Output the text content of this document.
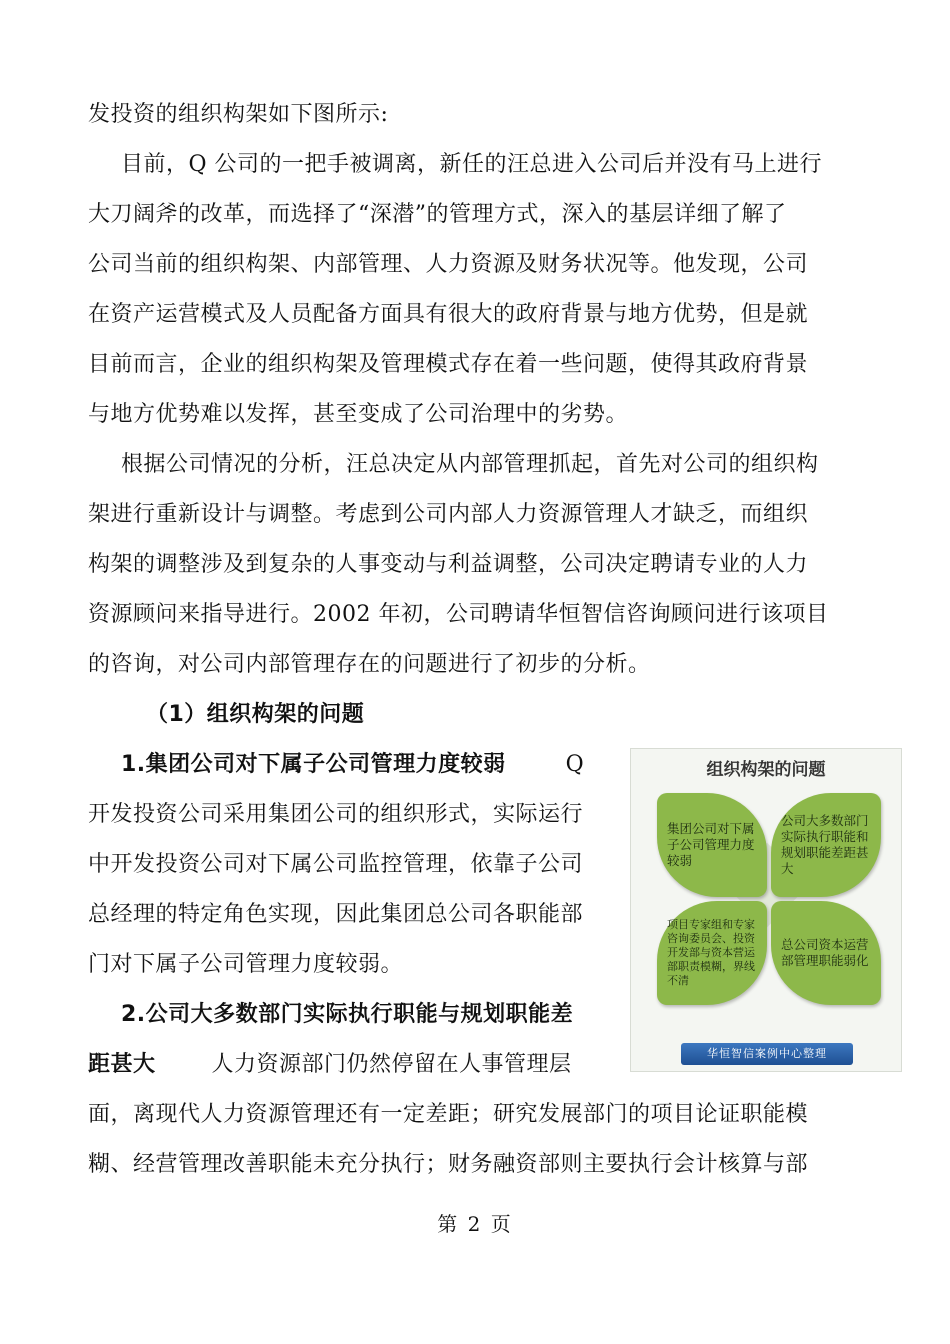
发投资的组织构架如下图所示:
目前，Q 公司的一把手被调离，新任的汪总进入公司后并没有马上进行
大刀阔斧的改革，而选择了“深潜”的管理方式，深入的基层详细了解了
公司当前的组织构架、内部管理、人力资源及财务状况等。他发现，公司
在资产运营模式及人员配备方面具有很大的政府背景与地方优势，但是就
目前而言，企业的组织构架及管理模式存在着一些问题，使得其政府背景
与地方优势难以发挥，甚至变成了公司治理中的劣势。
根据公司情况的分析，汪总决定从内部管理抓起，首先对公司的组织构
架进行重新设计与调整。考虑到公司内部人力资源管理人才缺乏，而组织
构架的调整涉及到复杂的人事变动与利益调整，公司决定聘请专业的人力
资源顾问来指导进行。2002 年初，公司聘请华恒智信咨询顾问进行该项目
的咨询，对公司内部管理存在的问题进行了初步的分析。
（1）组织构架的问题
1.集团公司对下属子公司管理力度较弱	Q
开发投资公司采用集团公司的组织形式，实际运行
中开发投资公司对下属公司监控管理，依靠子公司
总经理的特定角色实现，因此集团总公司各职能部
门对下属子公司管理力度较弱。
2.公司大多数部门实际执行职能与规划职能差
距甚大	人力资源部门仍然停留在人事管理层
面，离现代人力资源管理还有一定差距；研究发展部门的项目论证职能模
糊、经营管理改善职能未充分执行；财务融资部则主要执行会计核算与部
组织构架的问题
集团公司对下属子公司管理力度较弱
公司大多数部门实际执行职能和规划职能差距甚大
项目专家组和专家咨询委员会、投资开发部与资本营运部职责模糊，界线不清
总公司资本运营部管理职能弱化
华恒智信案例中心整理
第 2 页
